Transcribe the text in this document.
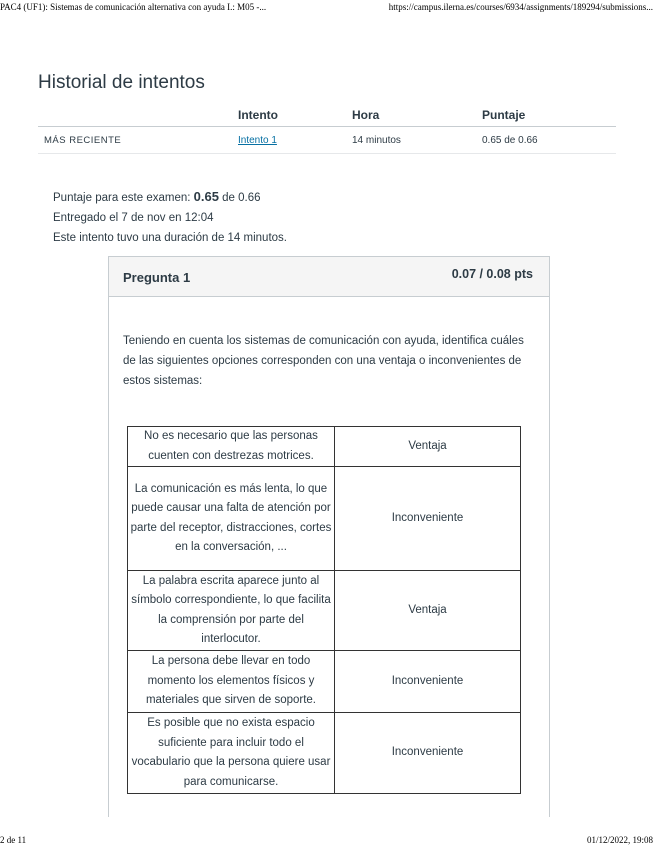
PAC4 (UF1): Sistemas de comunicación alternativa con ayuda I.: M05 -...	https://campus.ilerna.es/courses/6934/assignments/189294/submissions...
Historial de intentos
	Intento	Hora	Puntaje
MÁS RECIENTE	Intento 1	14 minutos	0.65 de 0.66
Puntaje para este examen: 0.65 de 0.66
Entregado el 7 de nov en 12:04
Este intento tuvo una duración de 14 minutos.
Pregunta 1	0.07 / 0.08 pts
Teniendo en cuenta los sistemas de comunicación con ayuda, identifica cuáles de las siguientes opciones corresponden con una ventaja o inconvenientes de estos sistemas:
No es necesario que las personas cuenten con destrezas motrices.	Ventaja
La comunicación es más lenta, lo que puede causar una falta de atención por parte del receptor, distracciones, cortes en la conversación, ...	Inconveniente
La palabra escrita aparece junto al símbolo correspondiente, lo que facilita la comprensión por parte del interlocutor.	Ventaja
La persona debe llevar en todo momento los elementos físicos y materiales que sirven de soporte.	Inconveniente
Es posible que no exista espacio suficiente para incluir todo el vocabulario que la persona quiere usar para comunicarse.	Inconveniente
2 de 11	01/12/2022, 19:08
